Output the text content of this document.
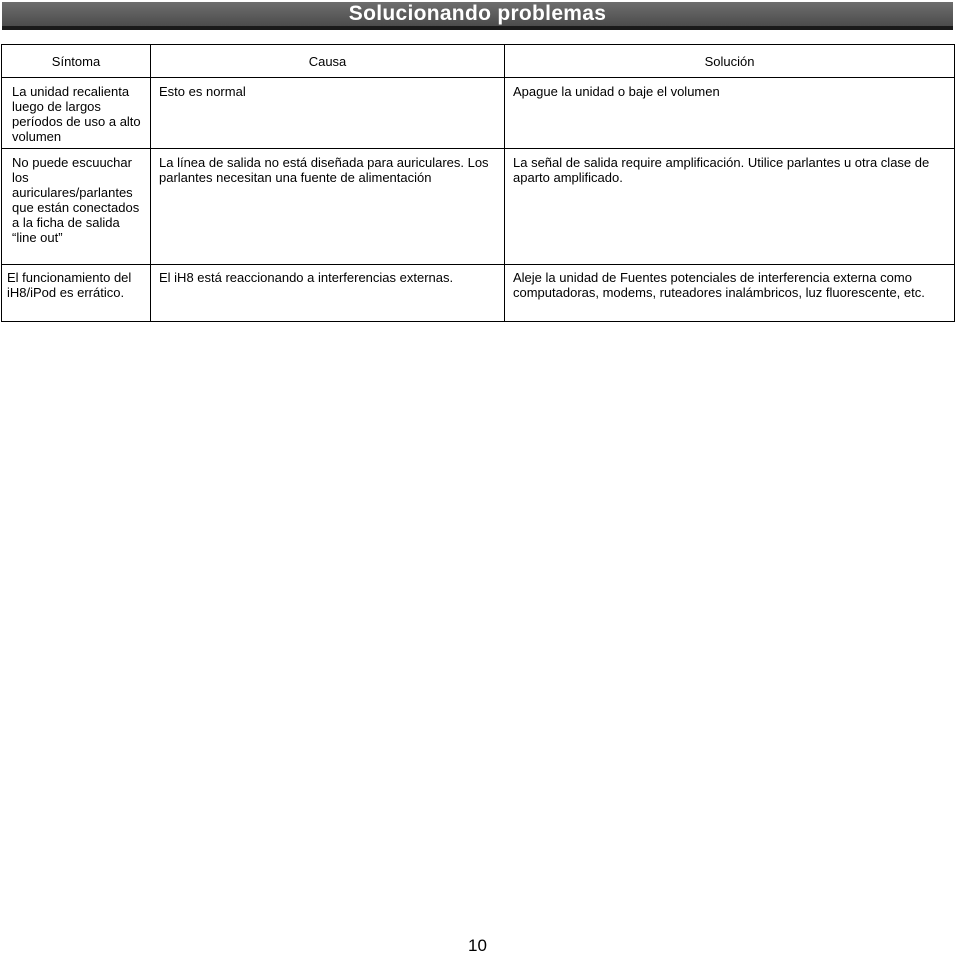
Solucionando problemas
Síntoma	Causa	Solución
La unidad recalienta luego de largos períodos de uso a alto volumen	Esto es normal	Apague la unidad o baje el volumen
No puede escuuchar los auriculares/parlantes que están conectados a la ficha de salida “line out”	La línea de salida no está diseñada para auriculares. Los parlantes necesitan una fuente de alimentación	La señal de salida require amplificación. Utilice parlantes u otra clase de aparto amplificado.
El funcionamiento del iH8/iPod es errático.	El iH8 está reaccionando a interferencias externas.	Aleje la unidad de Fuentes potenciales de interferencia externa como computadoras, modems, ruteadores inalámbricos, luz fluorescente, etc.
10
